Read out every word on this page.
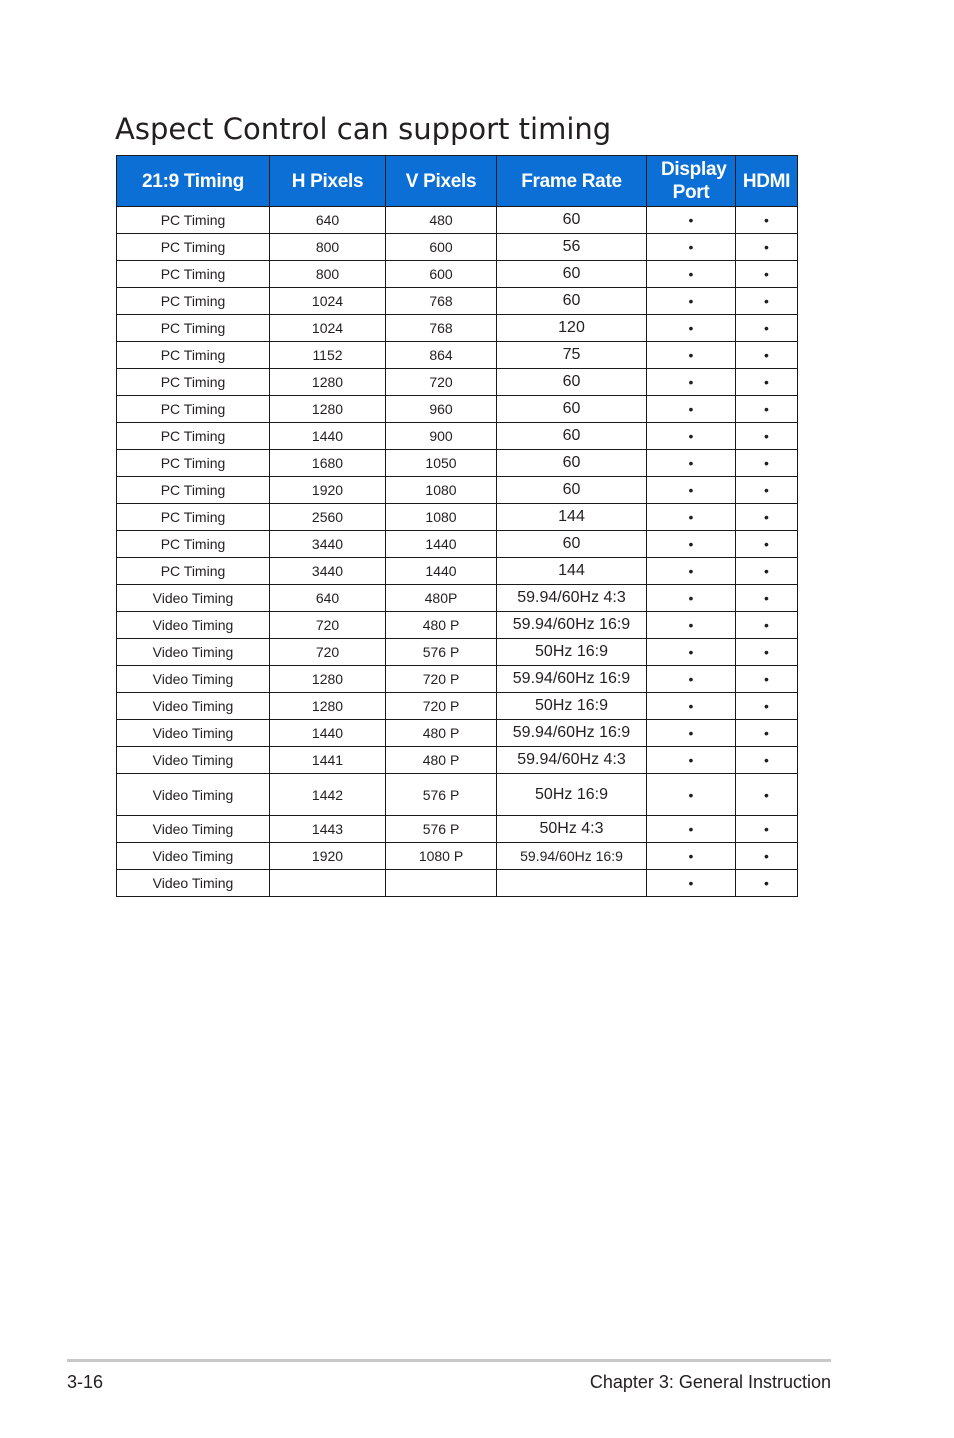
Aspect Control can support timing
21:9 Timing	H Pixels	V Pixels	Frame Rate	Display Port	HDMI
PC Timing	640	480	60	•	•
PC Timing	800	600	56	•	•
PC Timing	800	600	60	•	•
PC Timing	1024	768	60	•	•
PC Timing	1024	768	120	•	•
PC Timing	1152	864	75	•	•
PC Timing	1280	720	60	•	•
PC Timing	1280	960	60	•	•
PC Timing	1440	900	60	•	•
PC Timing	1680	1050	60	•	•
PC Timing	1920	1080	60	•	•
PC Timing	2560	1080	144	•	•
PC Timing	3440	1440	60	•	•
PC Timing	3440	1440	144	•	•
Video Timing	640	480P	59.94/60Hz 4:3	•	•
Video Timing	720	480 P	59.94/60Hz 16:9	•	•
Video Timing	720	576 P	50Hz 16:9	•	•
Video Timing	1280	720 P	59.94/60Hz 16:9	•	•
Video Timing	1280	720 P	50Hz 16:9	•	•
Video Timing	1440	480 P	59.94/60Hz 16:9	•	•
Video Timing	1441	480 P	59.94/60Hz 4:3	•	•
Video Timing	1442	576 P	50Hz 16:9	•	•
Video Timing	1443	576 P	50Hz 4:3	•	•
Video Timing	1920	1080 P	59.94/60Hz 16:9	•	•
Video Timing				•	•
3-16	Chapter 3: General Instruction
